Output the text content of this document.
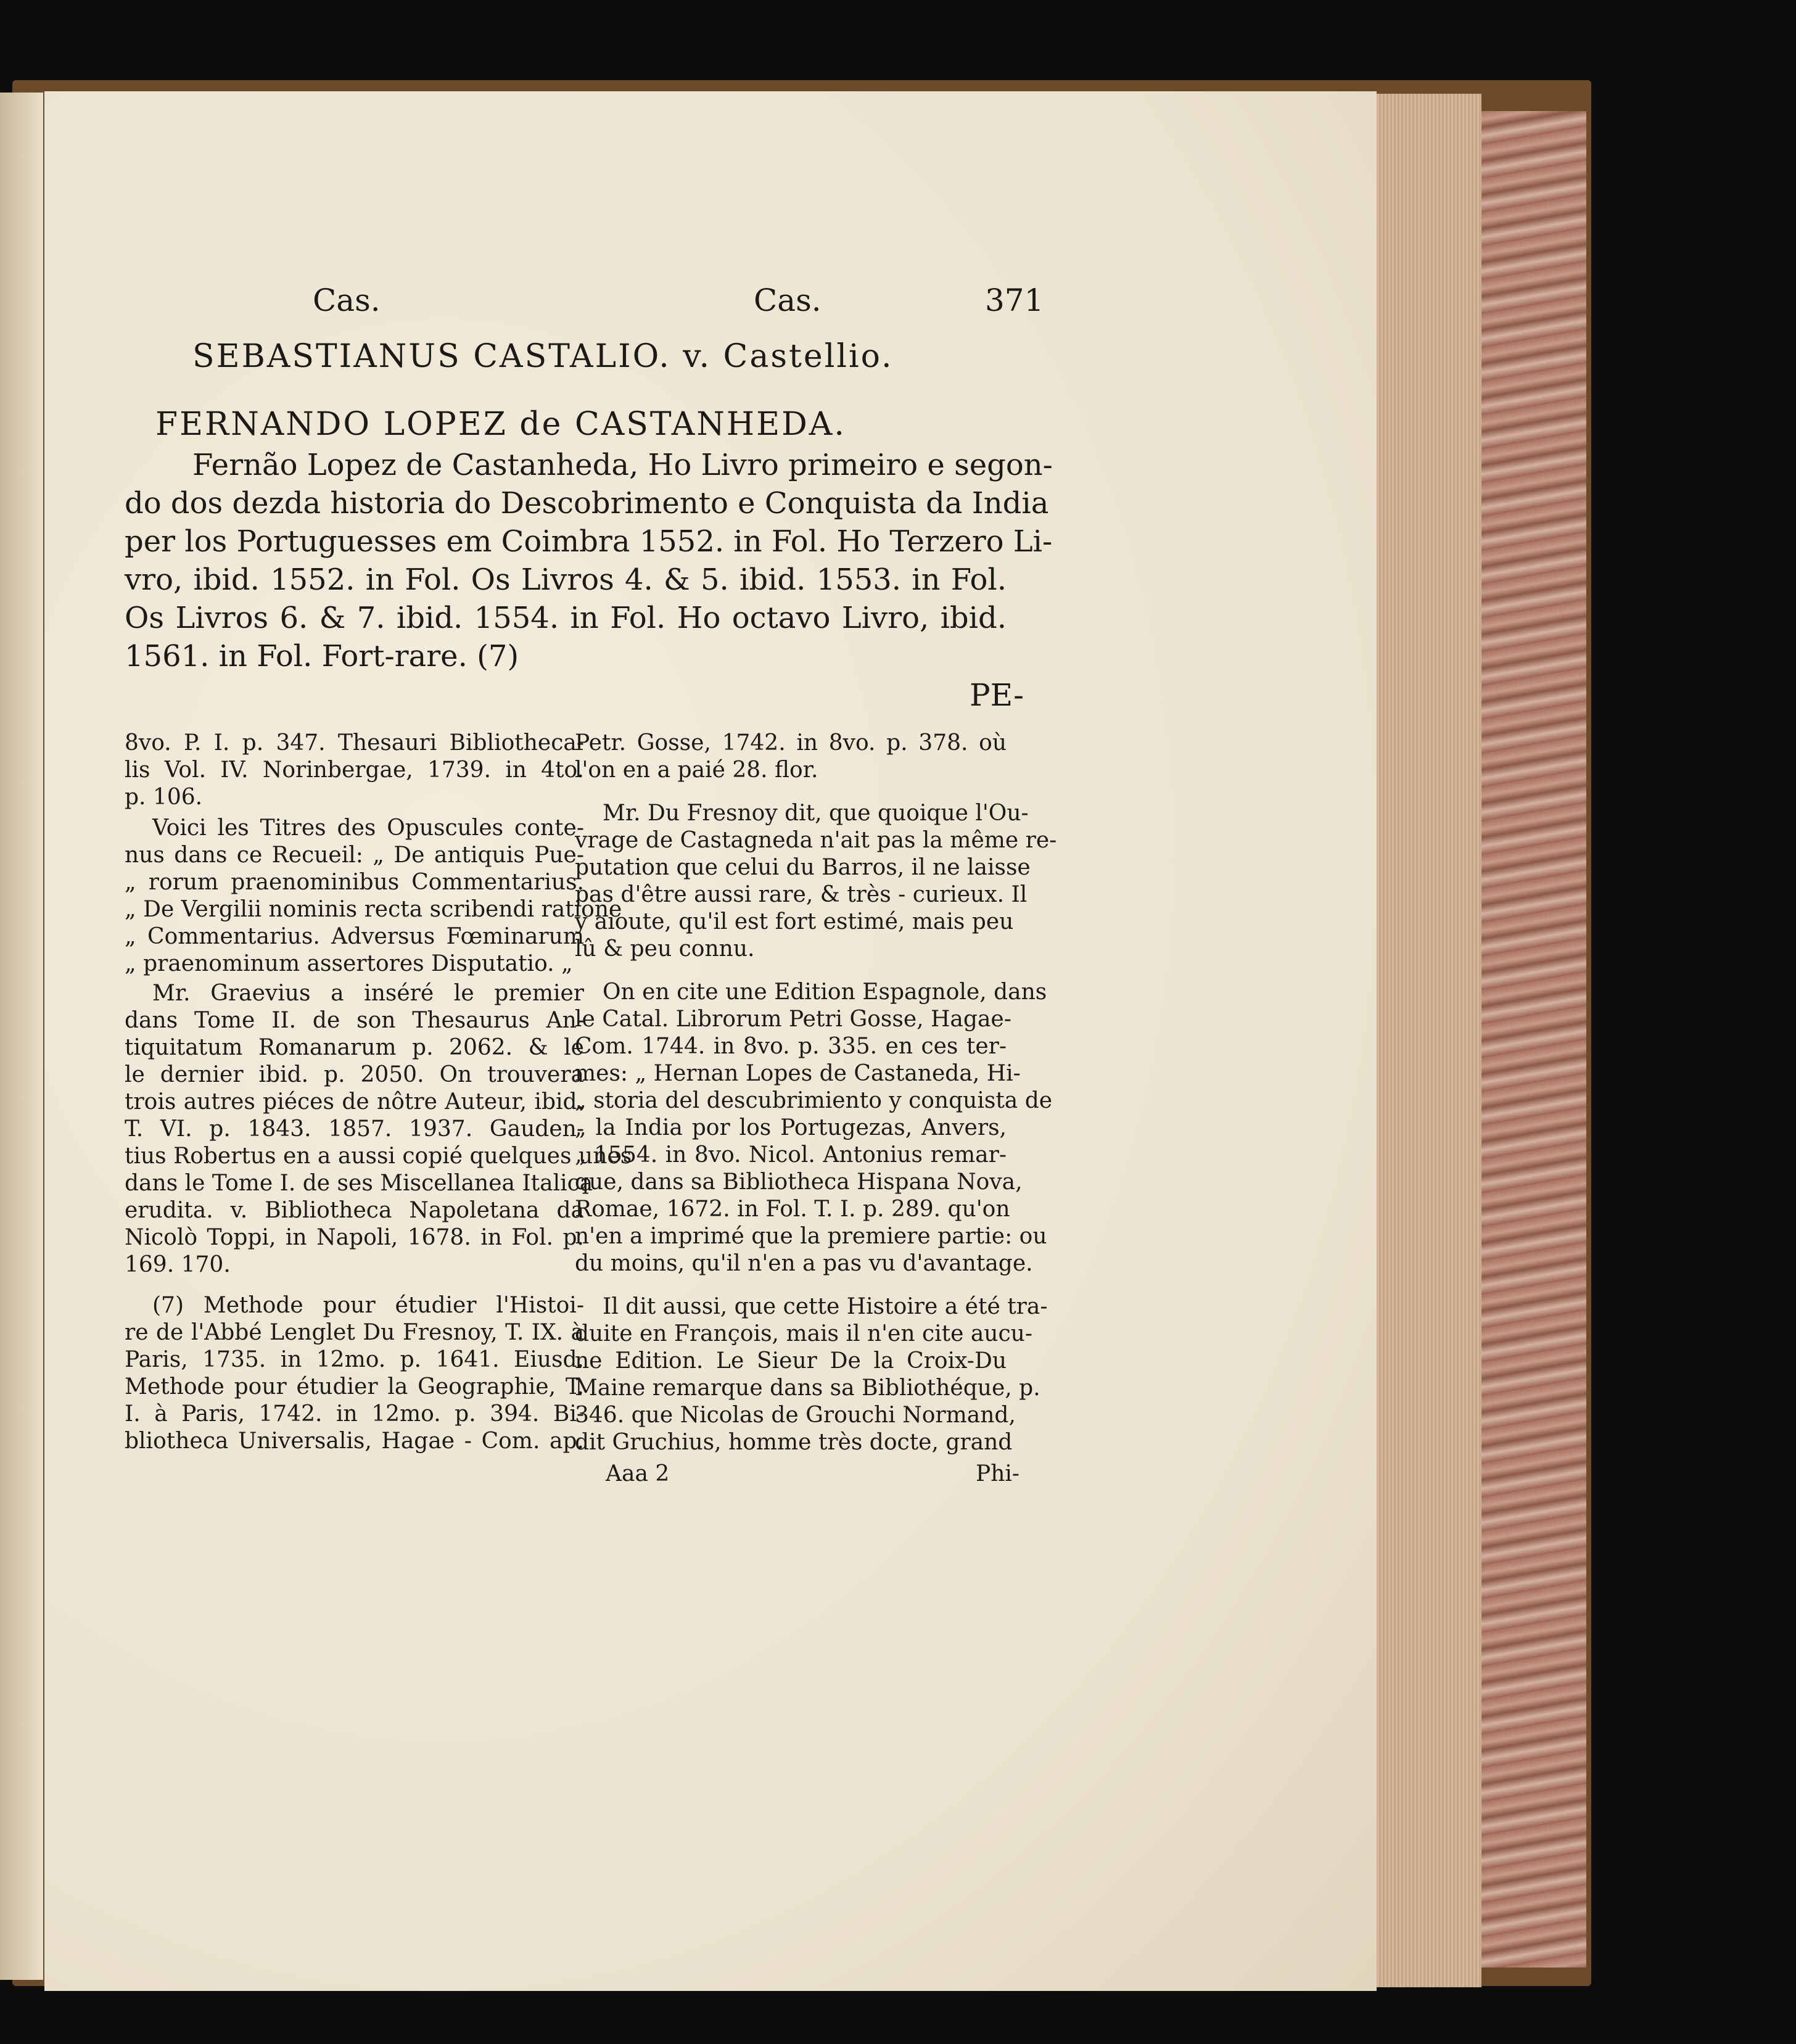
Cas.	Cas.	371
SEBASTIANUS CASTALIO. v. Castellio.
FERNANDO LOPEZ de CASTANHEDA.
Fernão Lopez de Castanheda, Ho Livro primeiro e segon-
do dos dezda historia do Descobrimento e Conquista da India
per los Portuguesses em Coimbra 1552. in Fol. Ho Terzero Li-
vro, ibid. 1552. in Fol. Os Livros 4. & 5. ibid. 1553. in Fol.
Os Livros 6. & 7. ibid. 1554. in Fol. Ho octavo Livro, ibid.
1561. in Fol. Fort-rare. (7)
PE-
8vo. P. I. p. 347. Thesauri Bibliotheca-
lis Vol. IV. Norinbergae, 1739. in 4to.
p. 106.
Voici les Titres des Opuscules conte-
nus dans ce Recueil: „ De antiquis Pue-
„ rorum praenominibus Commentarius.
„ De Vergilii nominis recta scribendi ratione
„ Commentarius. Adversus Fœminarum
„ praenominum assertores Disputatio. „
Mr. Graevius a inséré le premier
dans Tome II. de son Thesaurus An-
tiquitatum Romanarum p. 2062. & le
le dernier ibid. p. 2050. On trouvera
trois autres piéces de nôtre Auteur, ibid.
T. VI. p. 1843. 1857. 1937. Gauden-
tius Robertus en a aussi copié quelques unes
dans le Tome I. de ses Miscellanea Italica
erudita. v. Bibliotheca Napoletana da
Nicolò Toppi, in Napoli, 1678. in Fol. p.
169. 170.
(7) Methode pour étudier l'Histoi-
re de l'Abbé Lenglet Du Fresnoy, T. IX. à
Paris, 1735. in 12mo. p. 1641. Eiusd.
Methode pour étudier la Geographie, T.
I. à Paris, 1742. in 12mo. p. 394. Bi-
bliotheca Universalis, Hagae - Com. ap.
Petr. Gosse, 1742. in 8vo. p. 378. où
l'on en a paié 28. flor.
Mr. Du Fresnoy dit, que quoique l'Ou-
vrage de Castagneda n'ait pas la même re-
putation que celui du Barros, il ne laisse
pas d'être aussi rare, & très - curieux. Il
y aioute, qu'il est fort estimé, mais peu
lû & peu connu.
On en cite une Edition Espagnole, dans
le Catal. Librorum Petri Gosse, Hagae-
Com. 1744. in 8vo. p. 335. en ces ter-
mes: „ Hernan Lopes de Castaneda, Hi-
„ storia del descubrimiento y conquista de
„ la India por los Portugezas, Anvers,
„ 1554. in 8vo. Nicol. Antonius remar-
que, dans sa Bibliotheca Hispana Nova,
Romae, 1672. in Fol. T. I. p. 289. qu'on
n'en a imprimé que la premiere partie: ou
du moins, qu'il n'en a pas vu d'avantage.
Il dit aussi, que cette Histoire a été tra-
duite en François, mais il n'en cite aucu-
ne Edition. Le Sieur De la Croix-Du
Maine remarque dans sa Bibliothéque, p.
346. que Nicolas de Grouchi Normand,
dit Gruchius, homme très docte, grand
Aaa 2	Phi-
